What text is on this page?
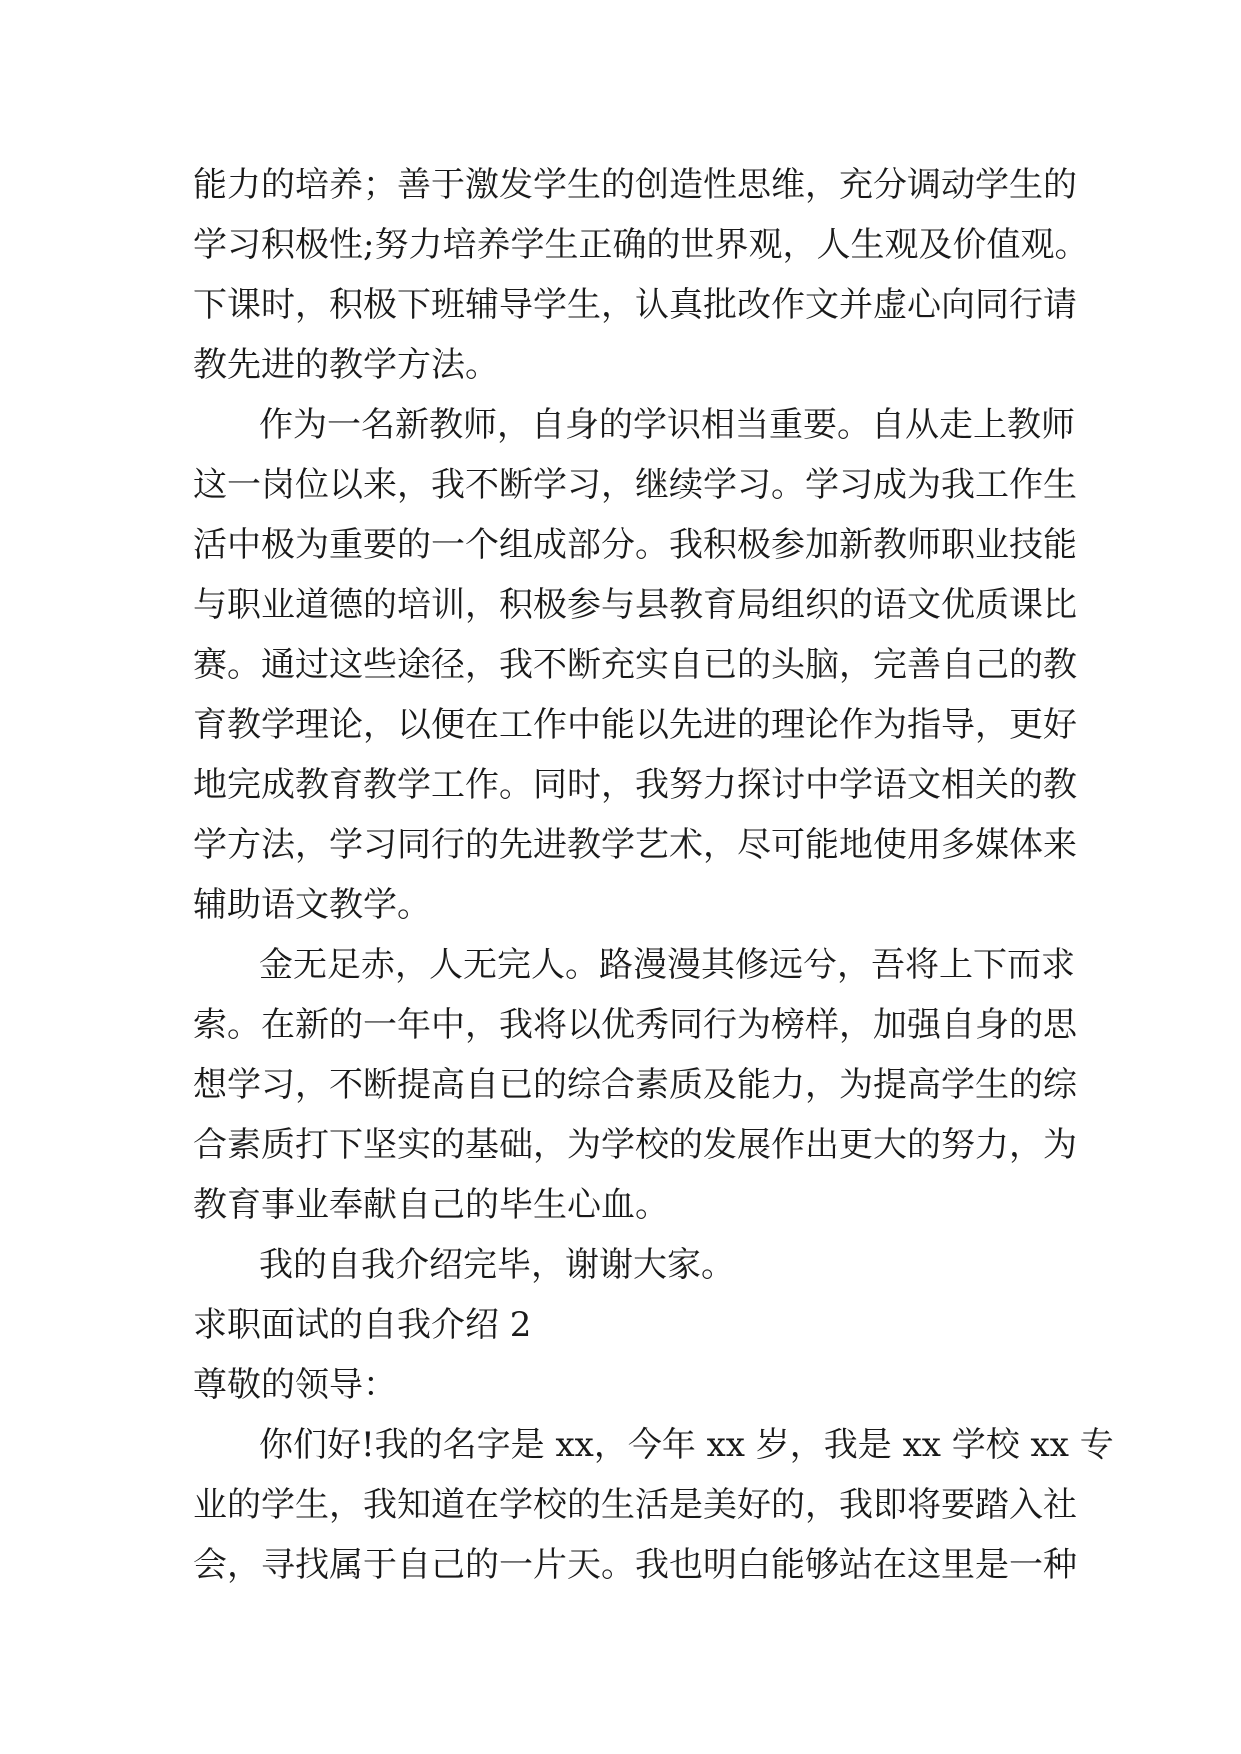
能力的培养；善于激发学生的创造性思维，充分调动学生的

学习积极性;努力培养学生正确的世界观，人生观及价值观。

下课时，积极下班辅导学生，认真批改作文并虚心向同行请

教先进的教学方法。

作为一名新教师，自身的学识相当重要。自从走上教师

这一岗位以来，我不断学习，继续学习。学习成为我工作生

活中极为重要的一个组成部分。我积极参加新教师职业技能

与职业道德的培训，积极参与县教育局组织的语文优质课比

赛。通过这些途径，我不断充实自已的头脑，完善自己的教

育教学理论，以便在工作中能以先进的理论作为指导，更好

地完成教育教学工作。同时，我努力探讨中学语文相关的教

学方法，学习同行的先进教学艺术，尽可能地使用多媒体来

辅助语文教学。

金无足赤，人无完人。路漫漫其修远兮，吾将上下而求

索。在新的一年中，我将以优秀同行为榜样，加强自身的思

想学习，不断提高自已的综合素质及能力，为提高学生的综

合素质打下坚实的基础，为学校的发展作出更大的努力，为

教育事业奉献自己的毕生心血。

我的自我介绍完毕，谢谢大家。

求职面试的自我介绍 2

尊敬的领导：

你们好!我的名字是 xx，今年 xx 岁，我是 xx 学校 xx 专

业的学生，我知道在学校的生活是美好的，我即将要踏入社

会，寻找属于自己的一片天。我也明白能够站在这里是一种
